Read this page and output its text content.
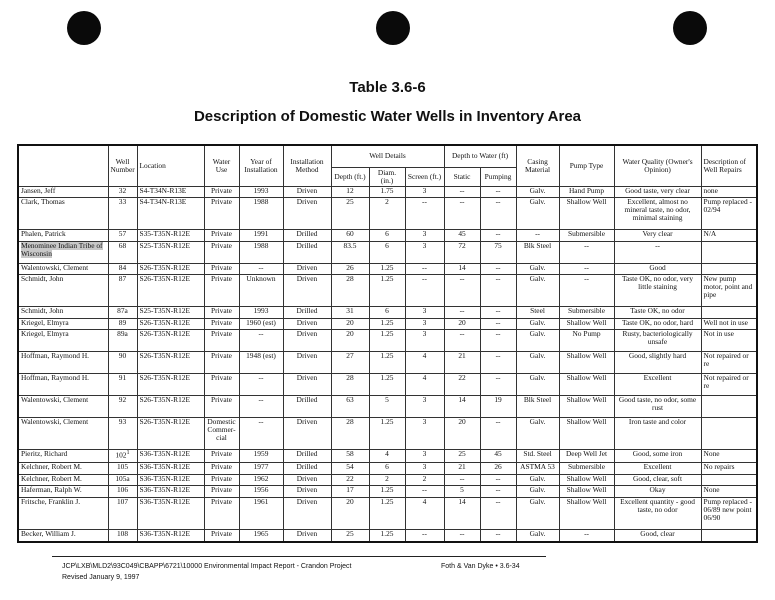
Table 3.6-6
Description of Domestic Water Wells in Inventory Area
	Well Number	Location	Water Use	Year of Installation	Installation Method	Well Details			Depth to Water (ft)		Casing Material	Pump Type	Water Quality (Owner's Opinion)	Description of Well Repairs
						Depth (ft.)	Diam. (in.)	Screen (ft.)	Static	Pumping				
Jansen, Jeff	32	S4-T34N-R13E	Private	1993	Driven	12	1.75	3	--	--	Galv.	Hand Pump	Good taste, very clear	none
Clark, Thomas	33	S4-T34N-R13E	Private	1988	Driven	25	2	--	--	--	Galv.	Shallow Well	Excellent, almost no mineral taste, no odor, minimal staining	Pump replaced - 02/94
Phalen, Patrick	57	S35-T35N-R12E	Private	1991	Drilled	60	6	3	45	--	--	Submersible	Very clear	N/A
Menominee Indian Tribe of Wisconsin	68	S25-T35N-R12E	Private	1988	Drilled	83.5	6	3	72	75	Blk Steel	--	--	
Walentowski, Clement	84	S26-T35N-R12E	Private	--	Driven	26	1.25	--	14	--	Galv.	--	Good	
Schmidt, John	87	S26-T35N-R12E	Private	Unknown	Driven	28	1.25	--	--	--	Galv.	--	Taste OK, no odor, very little staining	New pump motor, point and pipe
Schmidt, John	87a	S25-T35N-R12E	Private	1993	Drilled	31	6	3	--	--	Steel	Submersible	Taste OK, no odor	
Kriegel, Elmyra	89	S26-T35N-R12E	Private	1960 (est)	Driven	20	1.25	3	20	--	Galv.	Shallow Well	Taste OK, no odor, hard	Well not in use
Kriegel, Elmyra	89a	S26-T35N-R12E	Private	--	Driven	20	1.25	3	--	--	Galv.	No Pump	Rusty, bacteriologically unsafe	Not in use
Hoffman, Raymond H.	90	S26-T35N-R12E	Private	1948 (est)	Driven	27	1.25	4	21	--	Galv.	Shallow Well	Good, slightly hard	Not repaired or re
Hoffman, Raymond H.	91	S26-T35N-R12E	Private	--	Driven	28	1.25	4	22	--	Galv.	Shallow Well	Excellent	Not repaired or re
Walentowski, Clement	92	S26-T35N-R12E	Private	--	Drilled	63	5	3	14	19	Blk Steel	Shallow Well	Good taste, no odor, some rust	
Walentowski, Clement	93	S26-T35N-R12E	Domestic Commer- cial	--	Driven	28	1.25	3	20	--	Galv.	Shallow Well	Iron taste and color	
Pieritz, Richard	$102^1$	S36-T35N-R12E	Private	1959	Drilled	58	4	3	25	45	Std. Steel	Deep Well Jet	Good, some iron	None
Kelchner, Robert M.	105	S36-T35N-R12E	Private	1977	Drilled	54	6	3	21	26	ASTMA 53	Submersible	Excellent	No repairs
Kelchner, Robert M.	105a	S36-T35N-R12E	Private	1962	Driven	22	2	2	--	--	Galv.	Shallow Well	Good, clear, soft	
Haferman, Ralph W.	106	S36-T35N-R12E	Private	1956	Driven	17	1.25	--	5	--	Galv.	Shallow Well	Okay	None
Fritsche, Franklin J.	107	S36-T35N-R12E	Private	1961	Driven	20	1.25	4	14	--	Galv.	Shallow Well	Excellent quantity - good taste, no odor	Pump replaced - 06/89 new point 06/90
Becker, William J.	108	S36-T35N-R12E	Private	1965	Driven	25	1.25	--	--	--	Galv.	--	Good, clear	
JCP\LXB\MLD2\93C049\CBAPP\6721\10000 Environmental Impact Report - Crandon Project
Revised January 9, 1997
Foth & Van Dyke • 3.6-34
